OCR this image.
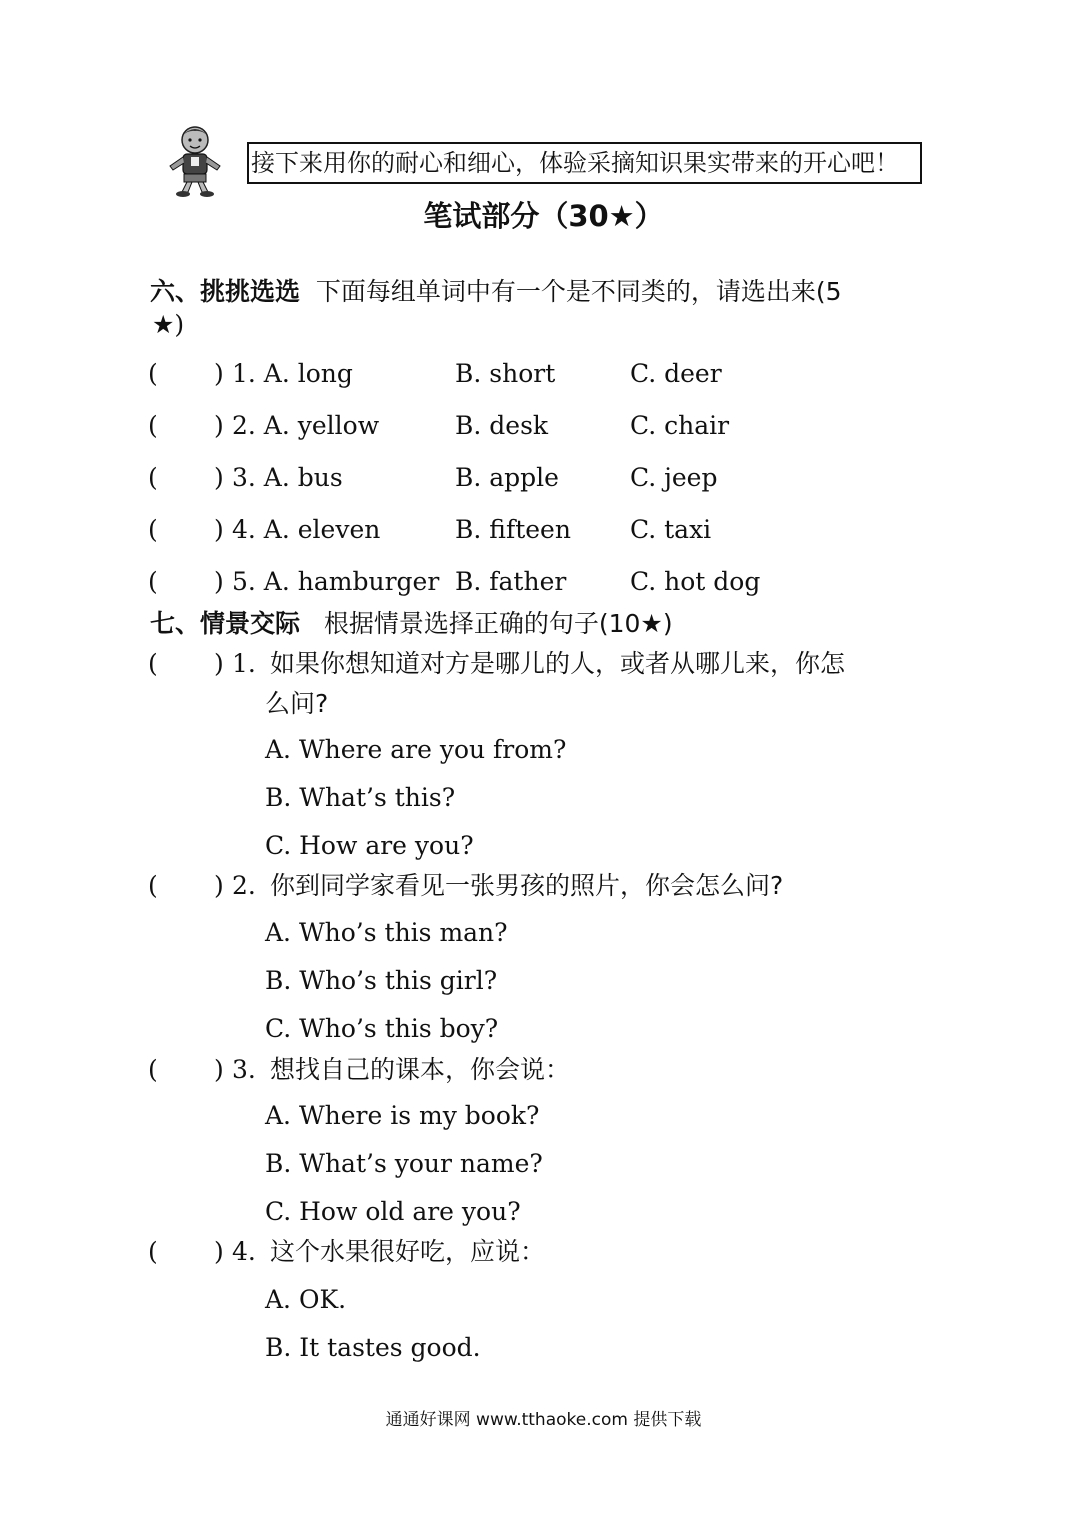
接下来用你的耐心和细心，体验采摘知识果实带来的开心吧！
笔试部分（30★）
六、挑挑选选 下面每组单词中有一个是不同类的，请选出来(5
★)
( ) 1. A. long	B. short	C. deer
( ) 2. A. yellow	B. desk	C. chair
( ) 3. A. bus	B. apple	C. jeep
( ) 4. A. eleven	B. fifteen C. taxi
( ) 5. A. hamburger B. father	C. hot dog
七、情景交际 根据情景选择正确的句子(10★)
( ) 1. 如果你想知道对方是哪儿的人，或者从哪儿来，你怎
么问?
A. Where are you from?
B. What’s this?
C. How are you?
( ) 2. 你到同学家看见一张男孩的照片，你会怎么问?
A. Who’s this man?
B. Who’s this girl?
C. Who’s this boy?
( ) 3. 想找自己的课本，你会说：
A. Where is my book?
B. What’s your name?
C. How old are you?
( ) 4. 这个水果很好吃，应说：
A. OK.
B. It tastes good.
通通好课网 www.tthaoke.com 提供下载
